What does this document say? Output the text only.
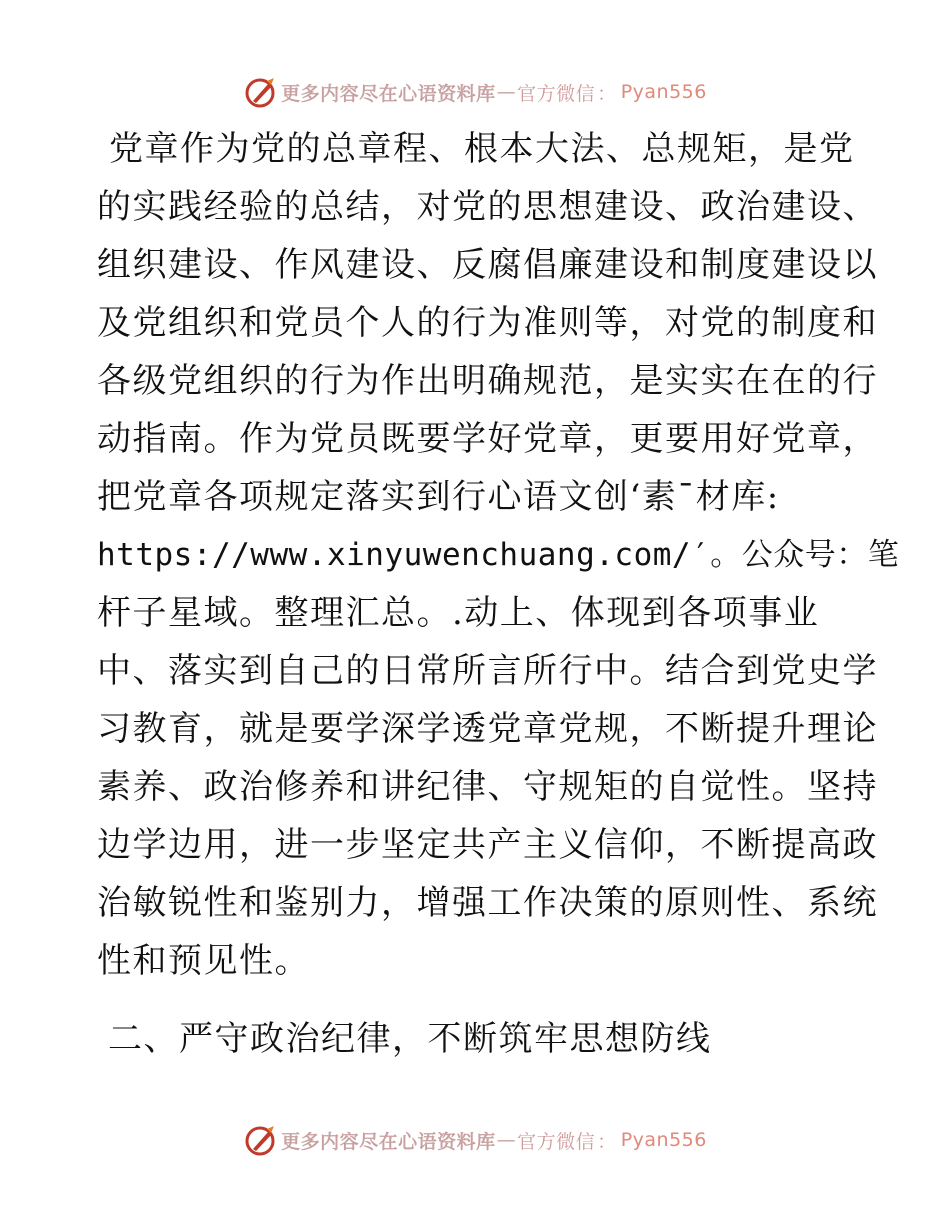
更多内容尽在心语资料库 — 官方微信 ： Pyan556
党章作为党的总章程、根本大法、总规矩，是党
的实践经验的总结，对党的思想建设、政治建设、
组织建设、作风建设、反腐倡廉建设和制度建设以
及党组织和党员个人的行为准则等，对党的制度和
各级党组织的行为作出明确规范，是实实在在的行
动指南。作为党员既要学好党章，更要用好党章，
把党章各项规定落实到行心语文创‘素¯材库:
https://www.xinyuwenchuang.com/′。公众号：笔
杆子星域。整理汇总。.动上、体现到各项事业
中、落实到自己的日常所言所行中。结合到党史学
习教育，就是要学深学透党章党规，不断提升理论
素养、政治修养和讲纪律、守规矩的自觉性。坚持
边学边用，进一步坚定共产主义信仰，不断提高政
治敏锐性和鉴别力，增强工作决策的原则性、系统
性和预见性。
二、严守政治纪律，不断筑牢思想防线
更多内容尽在心语资料库 — 官方微信 ： Pyan556
